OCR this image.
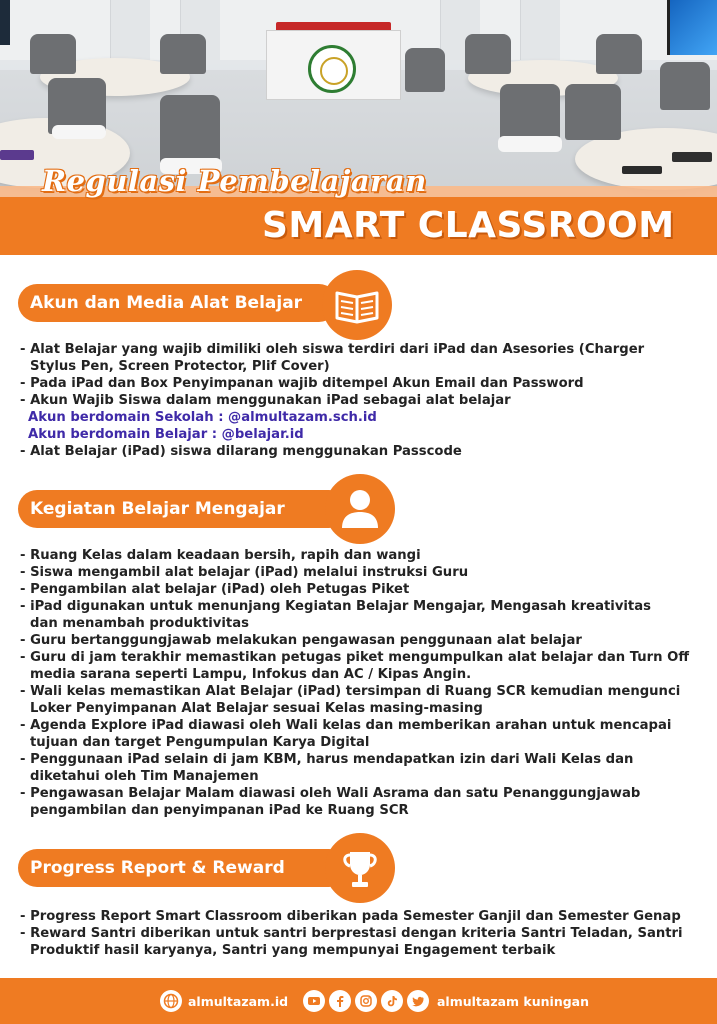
Regulasi Pembelajaran
SMART CLASSROOM
Akun dan Media Alat Belajar
- Alat Belajar yang wajib dimiliki oleh siswa terdiri dari iPad dan Asesories (Charger
Stylus Pen, Screen Protector, Plif Cover)
- Pada iPad dan Box Penyimpanan wajib ditempel Akun Email dan Password
- Akun Wajib Siswa dalam menggunakan iPad sebagai alat belajar
Akun berdomain Sekolah : @almultazam.sch.id
Akun berdomain Belajar : @belajar.id
- Alat Belajar (iPad) siswa dilarang menggunakan Passcode
Kegiatan Belajar Mengajar
- Ruang Kelas dalam keadaan bersih, rapih dan wangi
- Siswa mengambil alat belajar (iPad) melalui instruksi Guru
- Pengambilan alat belajar (iPad) oleh Petugas Piket
- iPad digunakan untuk menunjang Kegiatan Belajar Mengajar, Mengasah kreativitas
dan menambah produktivitas
- Guru bertanggungjawab melakukan pengawasan penggunaan alat belajar
- Guru di jam terakhir memastikan petugas piket mengumpulkan alat belajar dan Turn Off
media sarana seperti Lampu, Infokus dan AC / Kipas Angin.
- Wali kelas memastikan Alat Belajar (iPad) tersimpan di Ruang SCR kemudian mengunci
Loker Penyimpanan Alat Belajar sesuai Kelas masing-masing
- Agenda Explore iPad diawasi oleh Wali kelas dan memberikan arahan untuk mencapai
tujuan dan target Pengumpulan Karya Digital
- Penggunaan iPad selain di jam KBM, harus mendapatkan izin dari Wali Kelas dan
diketahui oleh Tim Manajemen
- Pengawasan Belajar Malam diawasi oleh Wali Asrama dan satu Penanggungjawab
pengambilan dan penyimpanan iPad ke Ruang SCR
Progress Report & Reward
- Progress Report Smart Classroom diberikan pada Semester Ganjil dan Semester Genap
- Reward Santri diberikan untuk santri berprestasi dengan kriteria Santri Teladan, Santri
Produktif hasil karyanya, Santri yang mempunyai Engagement terbaik
almultazam.id	almultazam kuningan
